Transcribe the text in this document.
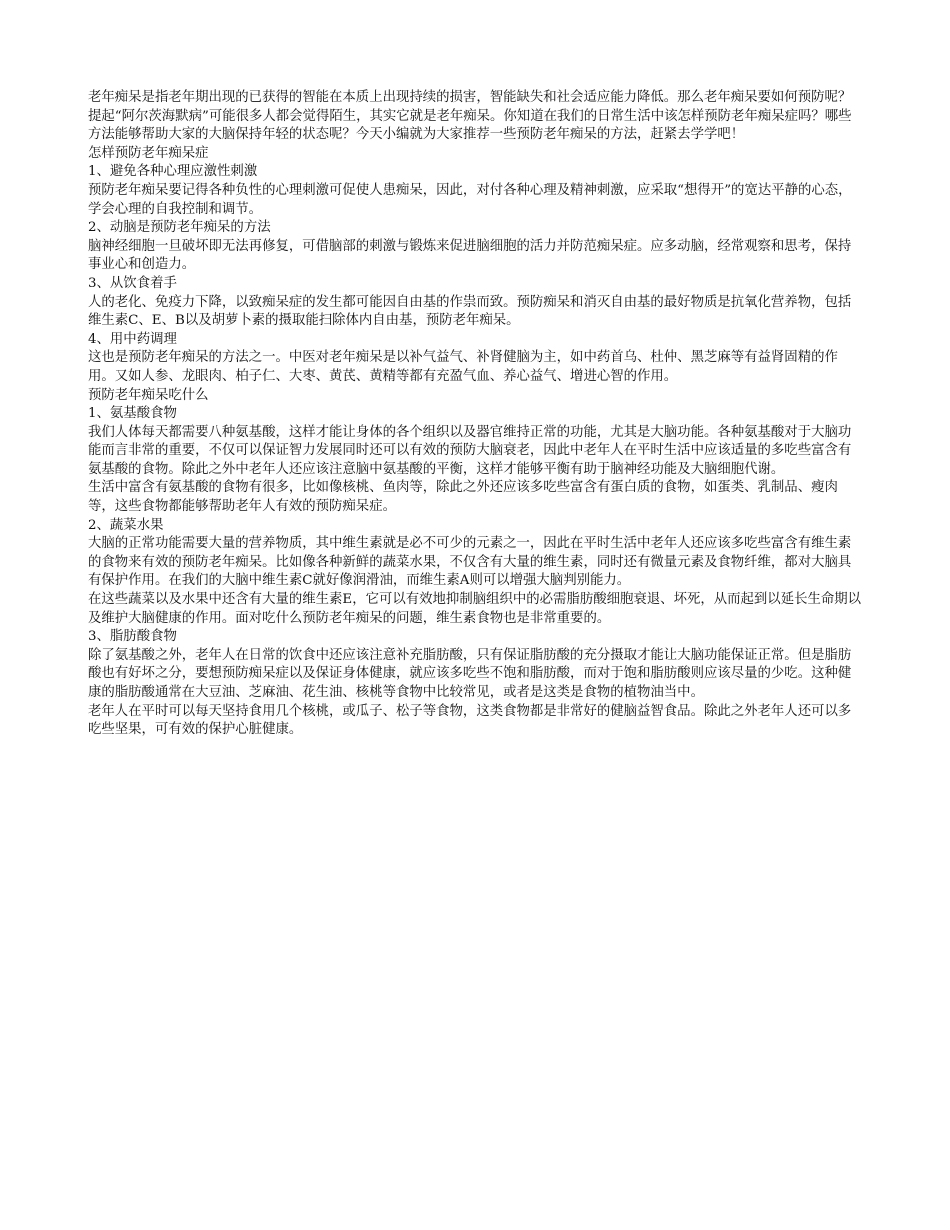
老年痴呆是指老年期出现的已获得的智能在本质上出现持续的损害，智能缺失和社会适应能力降低。那么老年痴呆要如何预防呢？

提起“阿尔茨海默病”可能很多人都会觉得陌生，其实它就是老年痴呆。你知道在我们的日常生活中该怎样预防老年痴呆症吗？哪些方法能够帮助大家的大脑保持年轻的状态呢？今天小编就为大家推荐一些预防老年痴呆的方法，赶紧去学学吧！

怎样预防老年痴呆症

1、避免各种心理应激性刺激

预防老年痴呆要记得各种负性的心理刺激可促使人患痴呆，因此，对付各种心理及精神刺激，应采取“想得开”的宽达平静的心态，学会心理的自我控制和调节。

2、动脑是预防老年痴呆的方法

脑神经细胞一旦破坏即无法再修复，可借脑部的刺激与锻炼来促进脑细胞的活力并防范痴呆症。应多动脑，经常观察和思考，保持事业心和创造力。

3、从饮食着手

人的老化、免疫力下降，以致痴呆症的发生都可能因自由基的作祟而致。预防痴呆和消灭自由基的最好物质是抗氧化营养物，包括维生素C、E、B以及胡萝卜素的摄取能扫除体内自由基，预防老年痴呆。

4、用中药调理

这也是预防老年痴呆的方法之一。中医对老年痴呆是以补气益气、补肾健脑为主，如中药首乌、杜仲、黑芝麻等有益肾固精的作用。又如人参、龙眼肉、柏子仁、大枣、黄芪、黄精等都有充盈气血、养心益气、增进心智的作用。

预防老年痴呆吃什么

1、氨基酸食物

我们人体每天都需要八种氨基酸，这样才能让身体的各个组织以及器官维持正常的功能，尤其是大脑功能。各种氨基酸对于大脑功能而言非常的重要，不仅可以保证智力发展同时还可以有效的预防大脑衰老，因此中老年人在平时生活中应该适量的多吃些富含有氨基酸的食物。除此之外中老年人还应该注意脑中氨基酸的平衡，这样才能够平衡有助于脑神经功能及大脑细胞代谢。

生活中富含有氨基酸的食物有很多，比如像核桃、鱼肉等，除此之外还应该多吃些富含有蛋白质的食物，如蛋类、乳制品、瘦肉等，这些食物都能够帮助老年人有效的预防痴呆症。

2、蔬菜水果

大脑的正常功能需要大量的营养物质，其中维生素就是必不可少的元素之一，因此在平时生活中老年人还应该多吃些富含有维生素的食物来有效的预防老年痴呆。比如像各种新鲜的蔬菜水果，不仅含有大量的维生素，同时还有微量元素及食物纤维，都对大脑具有保护作用。在我们的大脑中维生素C就好像润滑油，而维生素A则可以增强大脑判别能力。

在这些蔬菜以及水果中还含有大量的维生素E，它可以有效地抑制脑组织中的必需脂肪酸细胞衰退、坏死，从而起到以延长生命期以及维护大脑健康的作用。面对吃什么预防老年痴呆的问题，维生素食物也是非常重要的。

3、脂肪酸食物

除了氨基酸之外，老年人在日常的饮食中还应该注意补充脂肪酸，只有保证脂肪酸的充分摄取才能让大脑功能保证正常。但是脂肪酸也有好坏之分，要想预防痴呆症以及保证身体健康，就应该多吃些不饱和脂肪酸，而对于饱和脂肪酸则应该尽量的少吃。这种健康的脂肪酸通常在大豆油、芝麻油、花生油、核桃等食物中比较常见，或者是这类是食物的植物油当中。

老年人在平时可以每天坚持食用几个核桃，或瓜子、松子等食物，这类食物都是非常好的健脑益智食品。除此之外老年人还可以多吃些坚果，可有效的保护心脏健康。
